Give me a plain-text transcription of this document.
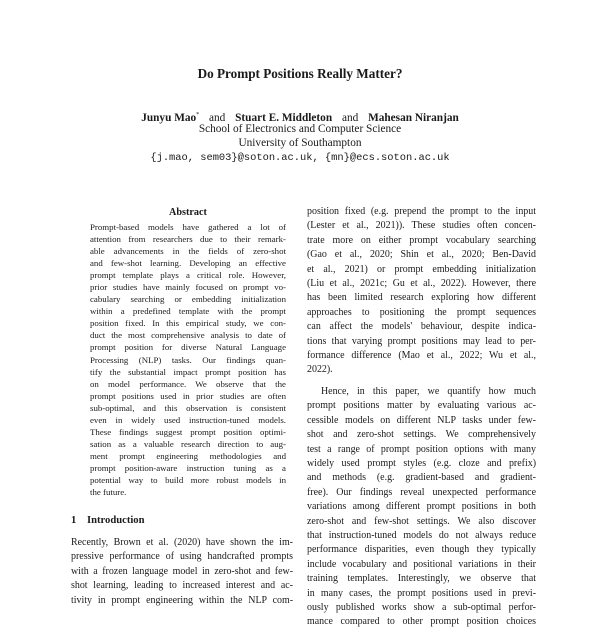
Do Prompt Positions Really Matter?
Junyu Mao* and Stuart E. Middleton and Mahesan Niranjan
School of Electronics and Computer Science
University of Southampton
{j.mao, sem03}@soton.ac.uk, {mn}@ecs.soton.ac.uk
Abstract
Prompt-based models have gathered a lot of
attention from researchers due to their remark-
able advancements in the fields of zero-shot
and few-shot learning. Developing an effective
prompt template plays a critical role. However,
prior studies have mainly focused on prompt vo-
cabulary searching or embedding initialization
within a predefined template with the prompt
position fixed. In this empirical study, we con-
duct the most comprehensive analysis to date of
prompt position for diverse Natural Language
Processing (NLP) tasks. Our findings quan-
tify the substantial impact prompt position has
on model performance. We observe that the
prompt positions used in prior studies are often
sub-optimal, and this observation is consistent
even in widely used instruction-tuned models.
These findings suggest prompt position optimi-
sation as a valuable research direction to aug-
ment prompt engineering methodologies and
prompt position-aware instruction tuning as a
potential way to build more robust models in
the future.
1 Introduction
Recently, Brown et al. (2020) have shown the im-
pressive performance of using handcrafted prompts
with a frozen language model in zero-shot and few-
shot learning, leading to increased interest and ac-
tivity in prompt engineering within the NLP com-
position fixed (e.g. prepend the prompt to the input
(Lester et al., 2021)). These studies often concen-
trate more on either prompt vocabulary searching
(Gao et al., 2020; Shin et al., 2020; Ben-David
et al., 2021) or prompt embedding initialization
(Liu et al., 2021c; Gu et al., 2022). However, there
has been limited research exploring how different
approaches to positioning the prompt sequences
can affect the models' behaviour, despite indica-
tions that varying prompt positions may lead to per-
formance difference (Mao et al., 2022; Wu et al.,
2022).
Hence, in this paper, we quantify how much
prompt positions matter by evaluating various ac-
cessible models on different NLP tasks under few-
shot and zero-shot settings. We comprehensively
test a range of prompt position options with many
widely used prompt styles (e.g. cloze and prefix)
and methods (e.g. gradient-based and gradient-
free). Our findings reveal unexpected performance
variations among different prompt positions in both
zero-shot and few-shot settings. We also discover
that instruction-tuned models do not always reduce
performance disparities, even though they typically
include vocabulary and positional variations in their
training templates. Interestingly, we observe that
in many cases, the prompt positions used in previ-
ously published works show a sub-optimal perfor-
mance compared to other prompt position choices
